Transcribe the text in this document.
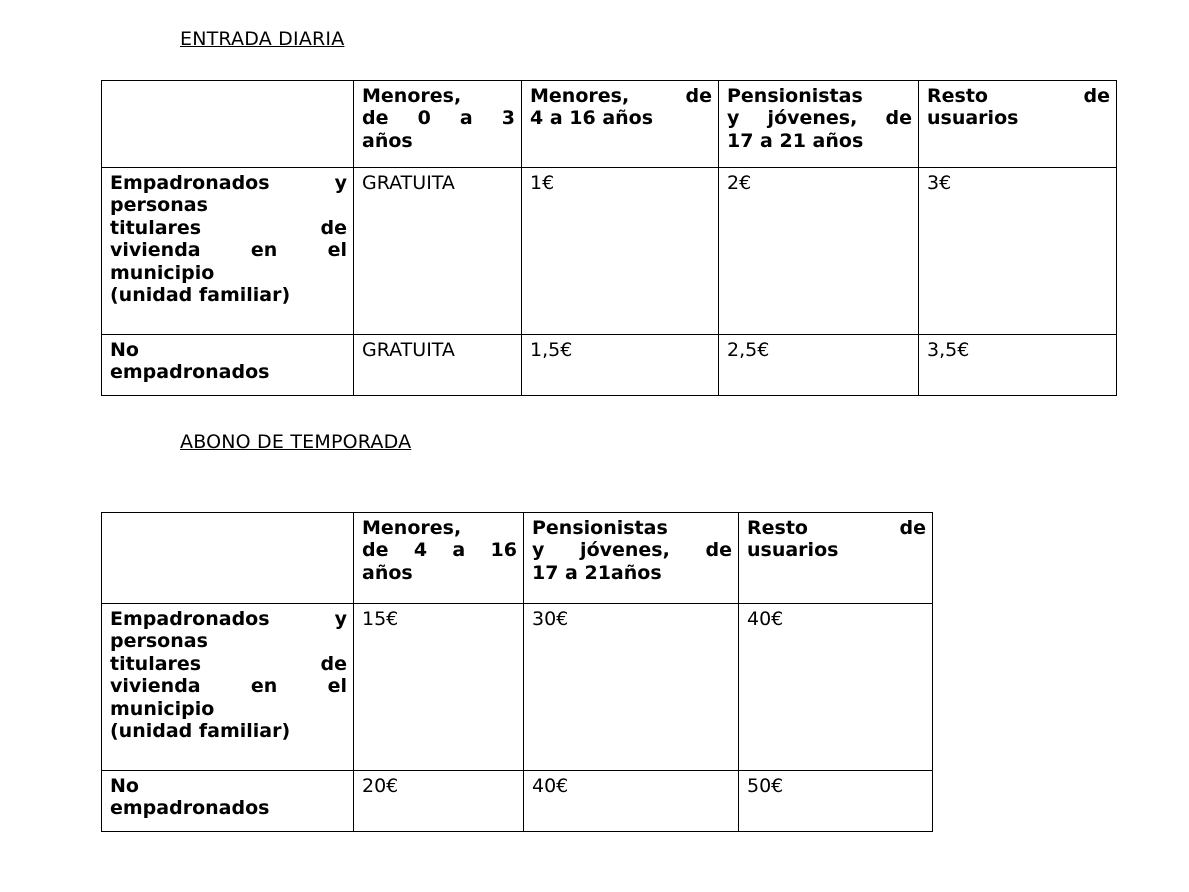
ENTRADA DIARIA

	Menores,
de 0 a 3
años	Menores, de
4 a 16 años	Pensionistas
y jóvenes, de
17 a 21 años	Resto de
usuarios

Empadronados y
personas
titulares de
vivienda en el
municipio
(unidad familiar)
	GRATUITA	1€	2€	3€

No
empadronados	GRATUITA	1,5€	2,5€	3,5€
ABONO DE TEMPORADA

	Menores,
de 4 a 16
años	Pensionistas
y jóvenes, de
17 a 21años	Resto de
usuarios

Empadronados y
personas
titulares de
vivienda en el
municipio
(unidad familiar)
	15€	30€	40€

No
empadronados	20€	40€	50€
